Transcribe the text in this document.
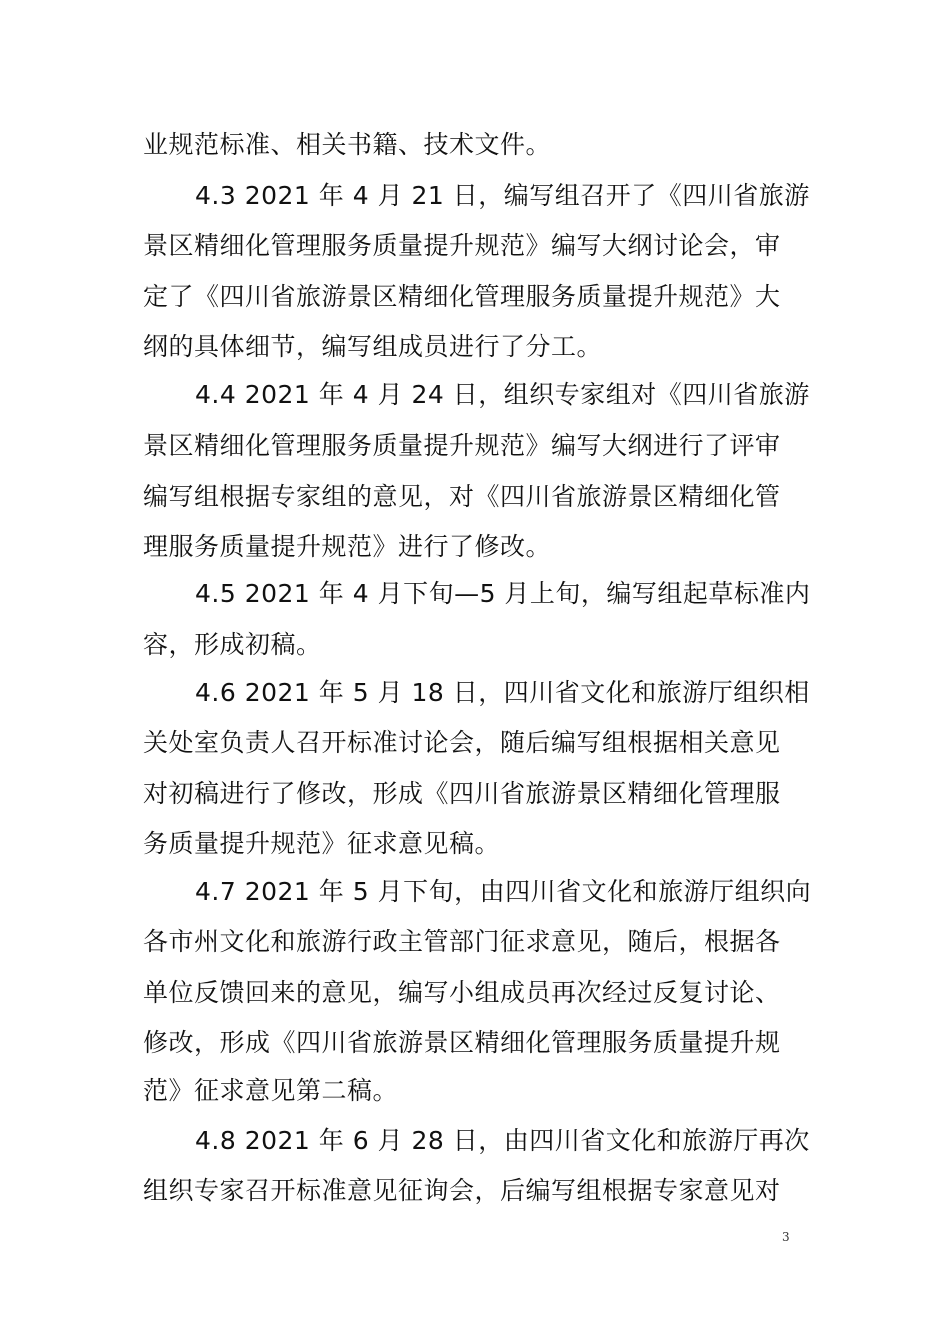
业规范标准、相关书籍、技术文件。
4.3 2021 年 4 月 21 日，编写组召开了《四川省旅游
景区精细化管理服务质量提升规范》编写大纲讨论会，审
定了《四川省旅游景区精细化管理服务质量提升规范》大
纲的具体细节，编写组成员进行了分工。
4.4 2021 年 4 月 24 日，组织专家组对《四川省旅游
景区精细化管理服务质量提升规范》编写大纲进行了评审
编写组根据专家组的意见，对《四川省旅游景区精细化管
理服务质量提升规范》进行了修改。
4.5 2021 年 4 月下旬—5 月上旬，编写组起草标准内
容，形成初稿。
4.6 2021 年 5 月 18 日，四川省文化和旅游厅组织相
关处室负责人召开标准讨论会，随后编写组根据相关意见
对初稿进行了修改，形成《四川省旅游景区精细化管理服
务质量提升规范》征求意见稿。
4.7 2021 年 5 月下旬，由四川省文化和旅游厅组织向
各市州文化和旅游行政主管部门征求意见，随后，根据各
单位反馈回来的意见，编写小组成员再次经过反复讨论、
修改，形成《四川省旅游景区精细化管理服务质量提升规
范》征求意见第二稿。
4.8 2021 年 6 月 28 日，由四川省文化和旅游厅再次
组织专家召开标准意见征询会，后编写组根据专家意见对
3
